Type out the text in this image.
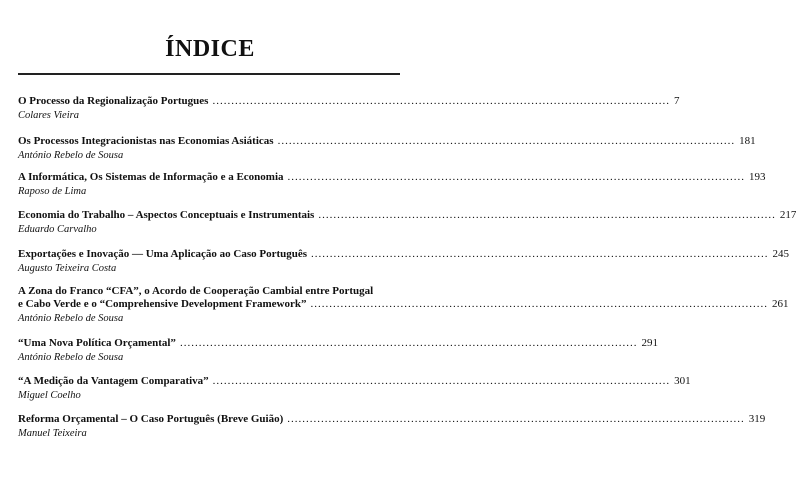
ÍNDICE
O Processo da Regionalização Portugues .......................................................................................................................... 7
Colares Vieira
Os Processos Integracionistas nas Economias Asiáticas .......................................................................................................................... 181
António Rebelo de Sousa
A Informática, Os Sistemas de Informação e a Economia .......................................................................................................................... 193
Raposo de Lima
Economia do Trabalho – Aspectos Conceptuais e Instrumentais .......................................................................................................................... 217
Eduardo Carvalho
Exportações e Inovação — Uma Aplicação ao Caso Português .......................................................................................................................... 245
Augusto Teixeira Costa
A Zona do Franco “CFA”, o Acordo de Cooperação Cambial entre Portugal
e Cabo Verde e o “Comprehensive Development Framework” .......................................................................................................................... 261
António Rebelo de Sousa
“Uma Nova Política Orçamental” .......................................................................................................................... 291
António Rebelo de Sousa
“A Medição da Vantagem Comparativa” .......................................................................................................................... 301
Miguel Coelho
Reforma Orçamental – O Caso Português (Breve Guião) .......................................................................................................................... 319
Manuel Teixeira
